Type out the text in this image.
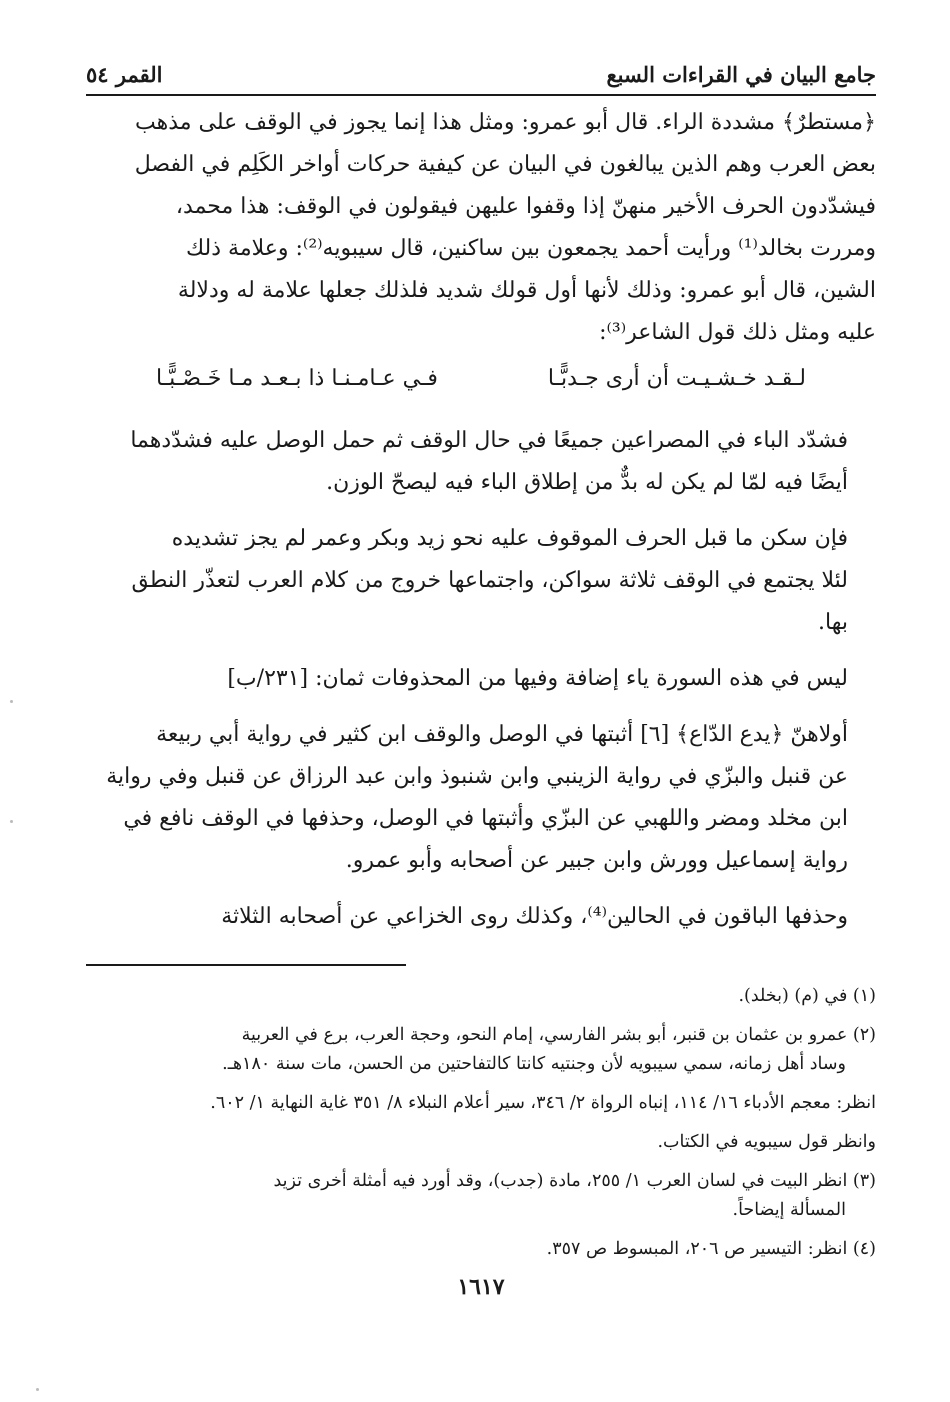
جامع البيان في القراءات السبع
القمر ٥٤
﴿مستطرٌ﴾ مشددة الراء. قال أبو عمرو: ومثل هذا إنما يجوز في الوقف على مذهب
بعض العرب وهم الذين يبالغون في البيان عن كيفية حركات أواخر الكَلِم في الفصل
فيشدّدون الحرف الأخير منهنّ إذا وقفوا عليهن فيقولون في الوقف: هذا محمد،
ومررت بخالد⁽¹⁾ ورأيت أحمد يجمعون بين ساكنين، قال سيبويه⁽²⁾: وعلامة ذلك
الشين، قال أبو عمرو: وذلك لأنها أول قولك شديد فلذلك جعلها علامة له ودلالة
عليه ومثل ذلك قول الشاعر⁽³⁾:
لـقـد خـشـيـت أن أرى جـدبًّـا
فـي عـامـنـا ذا بـعـد مـا خَـصْـبًّـا
فشدّد الباء في المصراعين جميعًا في حال الوقف ثم حمل الوصل عليه فشدّدهما
أيضًا فيه لمّا لم يكن له بدٌّ من إطلاق الباء فيه ليصحّ الوزن.
فإن سكن ما قبل الحرف الموقوف عليه نحو زيد وبكر وعمر لم يجز تشديده
لئلا يجتمع في الوقف ثلاثة سواكن، واجتماعها خروج من كلام العرب لتعذّر النطق
بها.
ليس في هذه السورة ياء إضافة وفيها من المحذوفات ثمان: [٢٣١/ب]
أولاهنّ ﴿يدع الدّاع﴾ [٦] أثبتها في الوصل والوقف ابن كثير في رواية أبي ربيعة
عن قنبل والبزّي في رواية الزينبي وابن شنبوذ وابن عبد الرزاق عن قنبل وفي رواية
ابن مخلد ومضر واللهبي عن البزّي وأثبتها في الوصل، وحذفها في الوقف نافع في
رواية إسماعيل وورش وابن جبير عن أصحابه وأبو عمرو.
وحذفها الباقون في الحالين⁽⁴⁾، وكذلك روى الخزاعي عن أصحابه الثلاثة
(١) في (م) (بخلد).
(٢) عمرو بن عثمان بن قنبر، أبو بشر الفارسي، إمام النحو، وحجة العرب، برع في العربية
وساد أهل زمانه، سمي سيبويه لأن وجنتيه كانتا كالتفاحتين من الحسن، مات سنة ١٨٠هـ.
انظر: معجم الأدباء ١٦/ ١١٤، إنباه الرواة ٢/ ٣٤٦، سير أعلام النبلاء ٨/ ٣٥١ غاية النهاية ١/ ٦٠٢.
وانظر قول سيبويه في الكتاب.
(٣) انظر البيت في لسان العرب ١/ ٢٥٥، مادة (جدب)، وقد أورد فيه أمثلة أخرى تزيد
المسألة إيضاحاً.
(٤) انظر: التيسير ص ٢٠٦، المبسوط ص ٣٥٧.
١٦١٧
